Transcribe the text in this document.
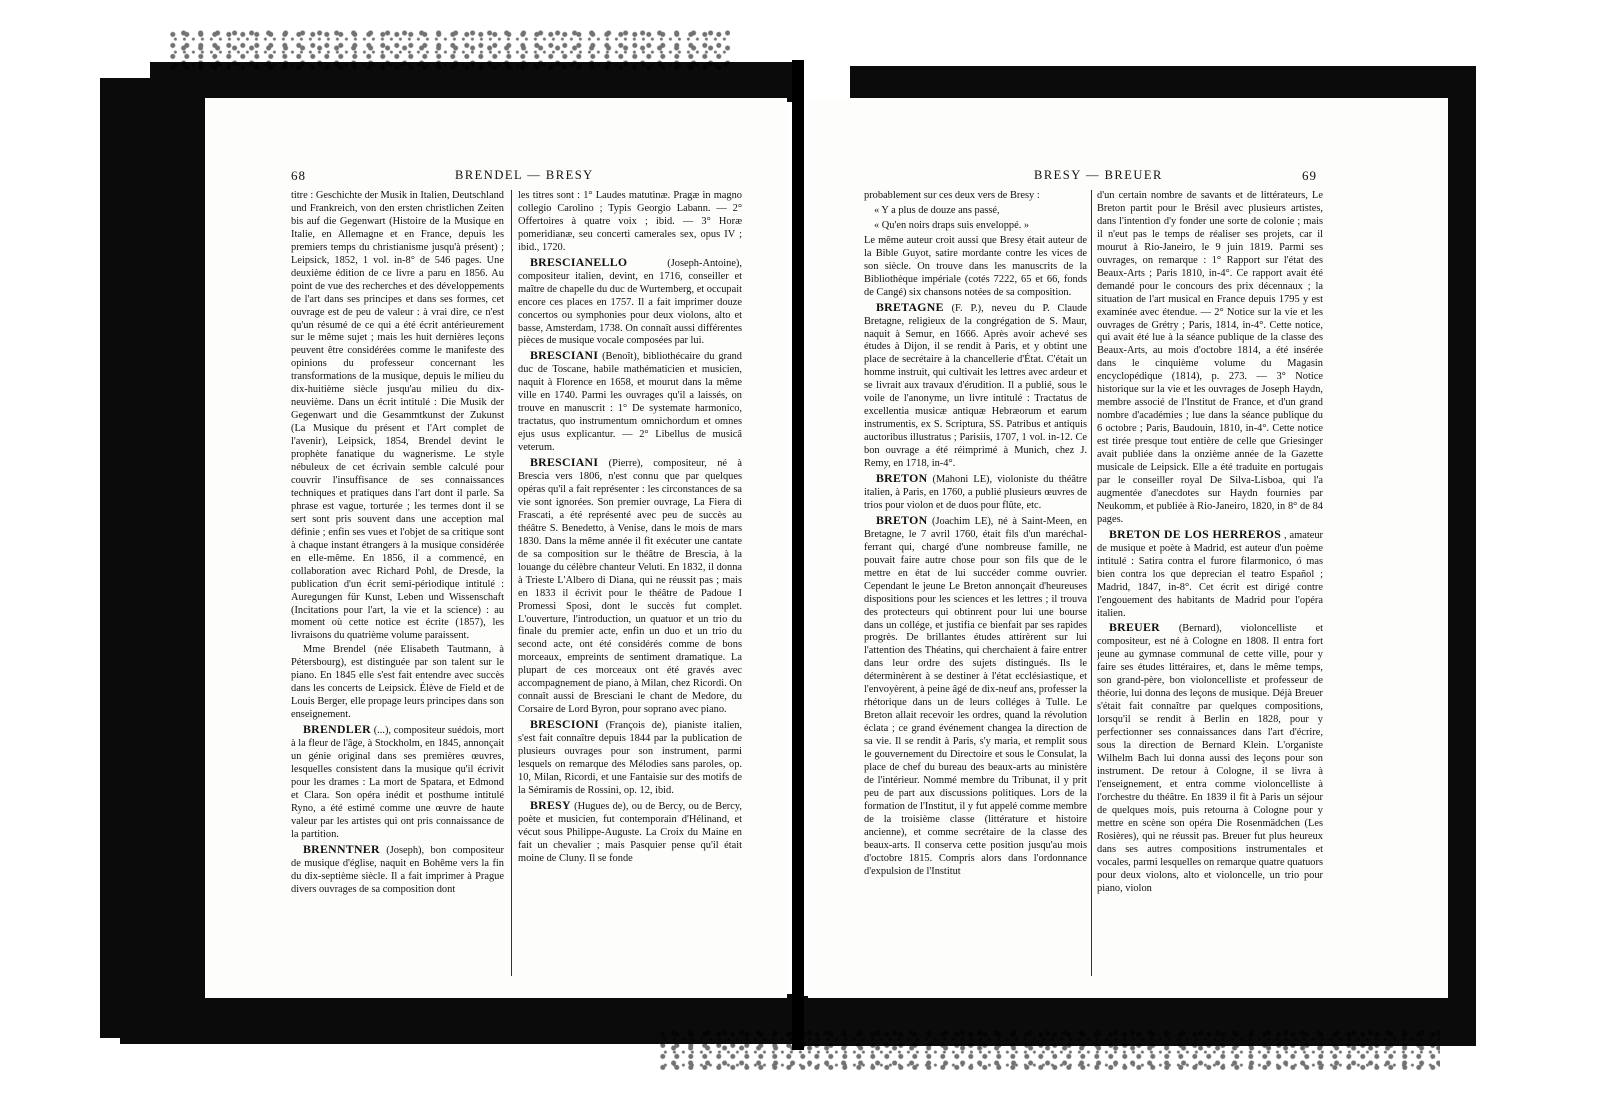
68	BRENDEL — BRESY

titre : Geschichte der Musik in Italien, Deutschland und Frankreich, von den ersten christlichen Zeiten bis auf die Gegenwart (Histoire de la Musique en Italie, en Allemagne et en France, depuis les premiers temps du christianisme jusqu'à présent) ; Leipsick, 1852, 1 vol. in-8° de 546 pages. Une deuxième édition de ce livre a paru en 1856. Au point de vue des recherches et des développements de l'art dans ses principes et dans ses formes, cet ouvrage est de peu de valeur : à vrai dire, ce n'est qu'un résumé de ce qui a été écrit antérieurement sur le même sujet ; mais les huit dernières leçons peuvent être considérées comme le manifeste des opinions du professeur concernant les transformations de la musique, depuis le milieu du dix-huitième siècle jusqu'au milieu du dix-neuvième. Dans un écrit intitulé : Die Musik der Gegenwart und die Gesammtkunst der Zukunst (La Musique du présent et l'Art complet de l'avenir), Leipsick, 1854, Brendel devint le prophète fanatique du wagnerisme. Le style nébuleux de cet écrivain semble calculé pour couvrir l'insuffisance de ses connaissances techniques et pratiques dans l'art dont il parle. Sa phrase est vague, torturée ; les termes dont il se sert sont pris souvent dans une acception mal définie ; enfin ses vues et l'objet de sa critique sont à chaque instant étrangers à la musique considérée en elle-même. En 1856, il a commencé, en collaboration avec Richard Pohl, de Dresde, la publication d'un écrit semi-périodique intitulé : Auregungen für Kunst, Leben und Wissenschaft (Incitations pour l'art, la vie et la science) : au moment où cette notice est écrite (1857), les livraisons du quatrième volume paraissent.

Mme Brendel (née Elisabeth Tautmann, à Pétersbourg), est distinguée par son talent sur le piano. En 1845 elle s'est fait entendre avec succès dans les concerts de Leipsick. Élève de Field et de Louis Berger, elle propage leurs principes dans son enseignement.

BRENDLER (...), compositeur suédois, mort à la fleur de l'âge, à Stockholm, en 1845, annonçait un génie original dans ses premières œuvres, lesquelles consistent dans la musique qu'il écrivit pour les drames : La mort de Spatara, et Edmond et Clara. Son opéra inédit et posthume intitulé Ryno, a été estimé comme une œuvre de haute valeur par les artistes qui ont pris connaissance de la partition.

BRENNTNER (Joseph), bon compositeur de musique d'église, naquit en Bohême vers la fin du dix-septième siècle. Il a fait imprimer à Prague divers ouvrages de sa composition dont

les titres sont : 1° Laudes matutinæ. Pragæ in magno collegio Carolino ; Typis Georgio Labann. — 2° Offertoires à quatre voix ; ibid. — 3° Horæ pomeridianæ, seu concerti camerales sex, opus IV ; ibid., 1720.

BRESCIANELLO (Joseph-Antoine), compositeur italien, devint, en 1716, conseiller et maître de chapelle du duc de Wurtemberg, et occupait encore ces places en 1757. Il a fait imprimer douze concertos ou symphonies pour deux violons, alto et basse, Amsterdam, 1738. On connaît aussi différentes pièces de musique vocale composées par lui.

BRESCIANI (Benoît), bibliothécaire du grand duc de Toscane, habile mathématicien et musicien, naquit à Florence en 1658, et mourut dans la même ville en 1740. Parmi les ouvrages qu'il a laissés, on trouve en manuscrit : 1° De systemate harmonico, tractatus, quo instrumentum omnichordum et omnes ejus usus explicantur. — 2° Libellus de musicâ veterum.

BRESCIANI (Pierre), compositeur, né à Brescia vers 1806, n'est connu que par quelques opéras qu'il a fait représenter : les circonstances de sa vie sont ignorées. Son premier ouvrage, La Fiera di Frascati, a été représenté avec peu de succès au théâtre S. Benedetto, à Venise, dans le mois de mars 1830. Dans la même année il fit exécuter une cantate de sa composition sur le théâtre de Brescia, à la louange du célèbre chanteur Veluti. En 1832, il donna à Trieste L'Albero di Diana, qui ne réussit pas ; mais en 1833 il écrivit pour le théâtre de Padoue I Promessi Sposi, dont le succès fut complet. L'ouverture, l'introduction, un quatuor et un trio du finale du premier acte, enfin un duo et un trio du second acte, ont été considérés comme de bons morceaux, empreints de sentiment dramatique. La plupart de ces morceaux ont été gravés avec accompagnement de piano, à Milan, chez Ricordi. On connaît aussi de Bresciani le chant de Medore, du Corsaire de Lord Byron, pour soprano avec piano.

BRESCIONI (François de), pianiste italien, s'est fait connaître depuis 1844 par la publication de plusieurs ouvrages pour son instrument, parmi lesquels on remarque des Mélodies sans paroles, op. 10, Milan, Ricordi, et une Fantaisie sur des motifs de la Sémiramis de Rossini, op. 12, ibid.

BRESY (Hugues de), ou de Bercy, ou de Bercy, poète et musicien, fut contemporain d'Hélinand, et vécut sous Philippe-Auguste. La Croix du Maine en fait un chevalier ; mais Pasquier pense qu'il était moine de Cluny. Il se fonde

BRESY — BREUER	69

probablement sur ces deux vers de Bresy :

« Y a plus de douze ans passé,

« Qu'en noirs draps suis enveloppé. »

Le même auteur croit aussi que Bresy était auteur de la Bible Guyot, satire mordante contre les vices de son siècle. On trouve dans les manuscrits de la Bibliothèque impériale (cotés 7222, 65 et 66, fonds de Cangé) six chansons notées de sa composition.

BRETAGNE (F. P.), neveu du P. Claude Bretagne, religieux de la congrégation de S. Maur, naquit à Semur, en 1666. Après avoir achevé ses études à Dijon, il se rendit à Paris, et y obtint une place de secrétaire à la chancellerie d'État. C'était un homme instruit, qui cultivait les lettres avec ardeur et se livrait aux travaux d'érudition. Il a publié, sous le voile de l'anonyme, un livre intitulé : Tractatus de excellentia musicæ antiquæ Hebræorum et earum instrumentis, ex S. Scriptura, SS. Patribus et antiquis auctoribus illustratus ; Parisiis, 1707, 1 vol. in-12. Ce bon ouvrage a été réimprimé à Munich, chez J. Remy, en 1718, in-4°.

BRETON (Mahoni LE), violoniste du théâtre italien, à Paris, en 1760, a publié plusieurs œuvres de trios pour violon et de duos pour flûte, etc.

BRETON (Joachim LE), né à Saint-Meen, en Bretagne, le 7 avril 1760, était fils d'un maréchal-ferrant qui, chargé d'une nombreuse famille, ne pouvait faire autre chose pour son fils que de le mettre en état de lui succéder comme ouvrier. Cependant le jeune Le Breton annonçait d'heureuses dispositions pour les sciences et les lettres ; il trouva des protecteurs qui obtinrent pour lui une bourse dans un collége, et justifia ce bienfait par ses rapides progrès. De brillantes études attirèrent sur lui l'attention des Théatins, qui cherchaient à faire entrer dans leur ordre des sujets distingués. Ils le déterminèrent à se destiner à l'état ecclésiastique, et l'envoyèrent, à peine âgé de dix-neuf ans, professer la rhétorique dans un de leurs colléges à Tulle. Le Breton allait recevoir les ordres, quand la révolution éclata ; ce grand événement changea la direction de sa vie. Il se rendit à Paris, s'y maria, et remplit sous le gouvernement du Directoire et sous le Consulat, la place de chef du bureau des beaux-arts au ministère de l'intérieur. Nommé membre du Tribunat, il y prit peu de part aux discussions politiques. Lors de la formation de l'Institut, il y fut appelé comme membre de la troisième classe (littérature et histoire ancienne), et comme secrétaire de la classe des beaux-arts. Il conserva cette position jusqu'au mois d'octobre 1815. Compris alors dans l'ordonnance d'expulsion de l'Institut

d'un certain nombre de savants et de littérateurs, Le Breton partit pour le Brésil avec plusieurs artistes, dans l'intention d'y fonder une sorte de colonie ; mais il n'eut pas le temps de réaliser ses projets, car il mourut à Rio-Janeiro, le 9 juin 1819. Parmi ses ouvrages, on remarque : 1° Rapport sur l'état des Beaux-Arts ; Paris 1810, in-4°. Ce rapport avait été demandé pour le concours des prix décennaux ; la situation de l'art musical en France depuis 1795 y est examinée avec étendue. — 2° Notice sur la vie et les ouvrages de Grétry ; Paris, 1814, in-4°. Cette notice, qui avait été lue à la séance publique de la classe des Beaux-Arts, au mois d'octobre 1814, a été insérée dans le cinquième volume du Magasin encyclopédique (1814), p. 273. — 3° Notice historique sur la vie et les ouvrages de Joseph Haydn, membre associé de l'Institut de France, et d'un grand nombre d'académies ; lue dans la séance publique du 6 octobre ; Paris, Baudouin, 1810, in-4°. Cette notice est tirée presque tout entière de celle que Griesinger avait publiée dans la onzième année de la Gazette musicale de Leipsick. Elle a été traduite en portugais par le conseiller royal De Silva-Lisboa, qui l'a augmentée d'anecdotes sur Haydn fournies par Neukomm, et publiée à Rio-Janeiro, 1820, in 8° de 84 pages.

BRETON DE LOS HERREROS , amateur de musique et poète à Madrid, est auteur d'un poème intitulé : Satira contra el furore filarmonico, ó mas bien contra los que deprecian el teatro Español ; Madrid, 1847, in-8°. Cet écrit est dirigé contre l'engouement des habitants de Madrid pour l'opéra italien.

BREUER (Bernard), violoncelliste et compositeur, est né à Cologne en 1808. Il entra fort jeune au gymnase communal de cette ville, pour y faire ses études littéraires, et, dans le même temps, son grand-père, bon violoncelliste et professeur de théorie, lui donna des leçons de musique. Déjà Breuer s'était fait connaître par quelques compositions, lorsqu'il se rendit à Berlin en 1828, pour y perfectionner ses connaissances dans l'art d'écrire, sous la direction de Bernard Klein. L'organiste Wilhelm Bach lui donna aussi des leçons pour son instrument. De retour à Cologne, il se livra à l'enseignement, et entra comme violoncelliste à l'orchestre du théâtre. En 1839 il fit à Paris un séjour de quelques mois, puis retourna à Cologne pour y mettre en scène son opéra Die Rosenmädchen (Les Rosières), qui ne réussit pas. Breuer fut plus heureux dans ses autres compositions instrumentales et vocales, parmi lesquelles on remarque quatre quatuors pour deux violons, alto et violoncelle, un trio pour piano, violon
